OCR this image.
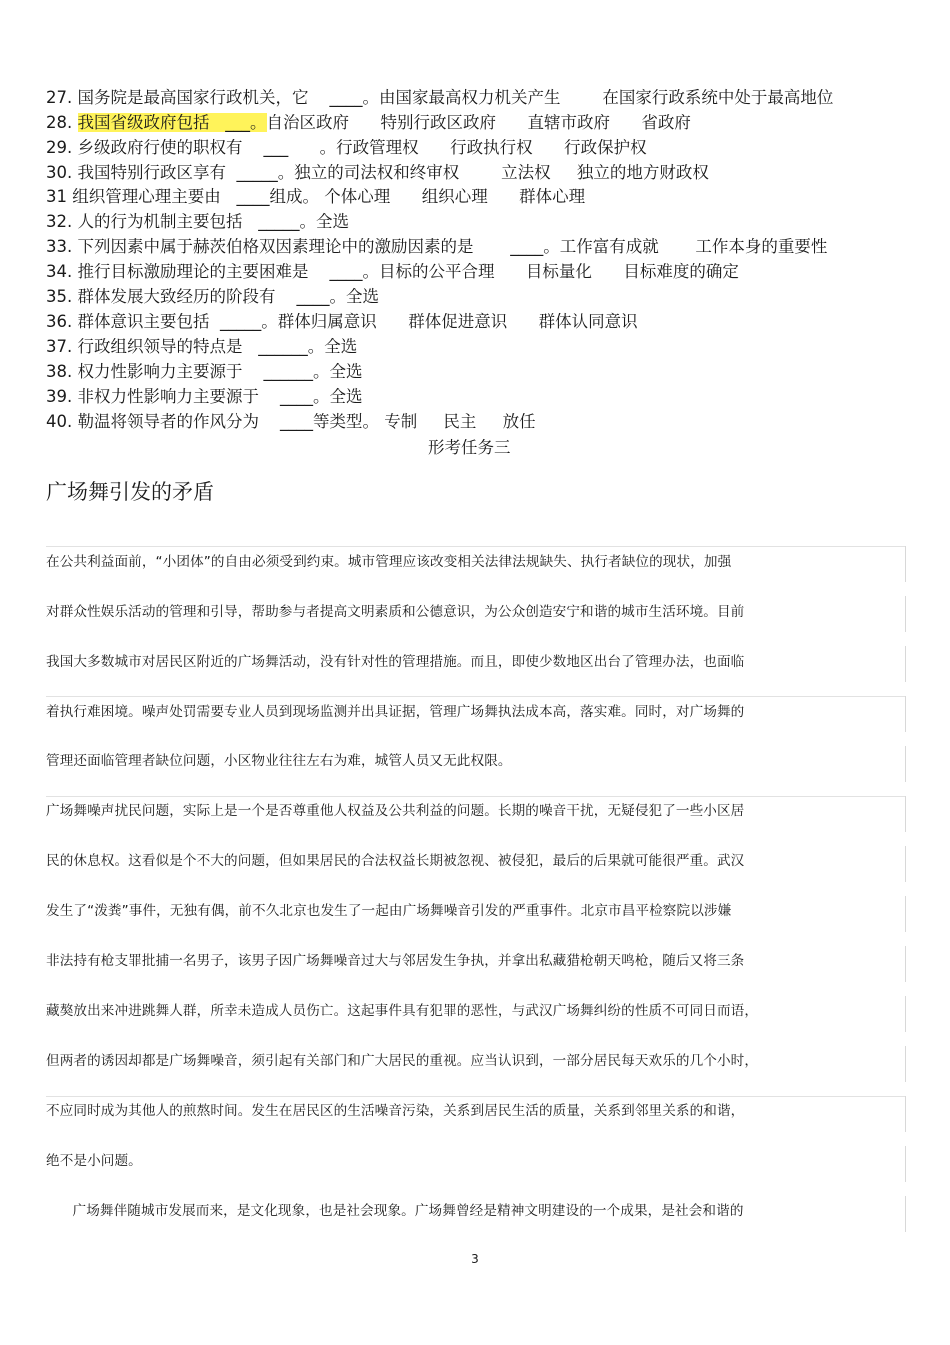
27. 国务院是最高国家行政机关，它    ____。由国家最高权力机关产生        在国家行政系统中处于最高地位
28. 我国省级政府包括   ___。自治区政府      特别行政区政府      直辖市政府      省政府
29. 乡级政府行使的职权有    ___      。行政管理权      行政执行权      行政保护权
30. 我国特别行政区享有  _____。独立的司法权和终审权        立法权     独立的地方财政权
31 组织管理心理主要由   ____组成。 个体心理      组织心理      群体心理
32. 人的行为机制主要包括   _____。全选
33. 下列因素中属于赫茨伯格双因素理论中的激励因素的是       ____。工作富有成就       工作本身的重要性
34. 推行目标激励理论的主要困难是    ____。目标的公平合理      目标量化      目标难度的确定
35. 群体发展大致经历的阶段有    ____。全选
36. 群体意识主要包括  _____。群体归属意识      群体促进意识      群体认同意识
37. 行政组织领导的特点是   ______。全选
38. 权力性影响力主要源于    ______。全选
39. 非权力性影响力主要源于    ____。全选
40. 勒温将领导者的作风分为    ____等类型。 专制     民主     放任
形考任务三
广场舞引发的矛盾
在公共利益面前，“小团体”的自由必须受到约束。城市管理应该改变相关法律法规缺失、执行者缺位的现状，加强
对群众性娱乐活动的管理和引导，帮助参与者提高文明素质和公德意识，为公众创造安宁和谐的城市生活环境。目前
我国大多数城市对居民区附近的广场舞活动，没有针对性的管理措施。而且，即使少数地区出台了管理办法，也面临
着执行难困境。噪声处罚需要专业人员到现场监测并出具证据，管理广场舞执法成本高，落实难。同时，对广场舞的
管理还面临管理者缺位问题，小区物业往往左右为难，城管人员又无此权限。
广场舞噪声扰民问题，实际上是一个是否尊重他人权益及公共利益的问题。长期的噪音干扰，无疑侵犯了一些小区居
民的休息权。这看似是个不大的问题，但如果居民的合法权益长期被忽视、被侵犯，最后的后果就可能很严重。武汉
发生了“泼粪”事件，无独有偶，前不久北京也发生了一起由广场舞噪音引发的严重事件。北京市昌平检察院以涉嫌
非法持有枪支罪批捕一名男子，该男子因广场舞噪音过大与邻居发生争执，并拿出私藏猎枪朝天鸣枪，随后又将三条
藏獒放出来冲进跳舞人群，所幸未造成人员伤亡。这起事件具有犯罪的恶性，与武汉广场舞纠纷的性质不可同日而语，
但两者的诱因却都是广场舞噪音，须引起有关部门和广大居民的重视。应当认识到，一部分居民每天欢乐的几个小时，
不应同时成为其他人的煎熬时间。发生在居民区的生活噪音污染，关系到居民生活的质量，关系到邻里关系的和谐，
绝不是小问题。
广场舞伴随城市发展而来，是文化现象，也是社会现象。广场舞曾经是精神文明建设的一个成果，是社会和谐的
3
